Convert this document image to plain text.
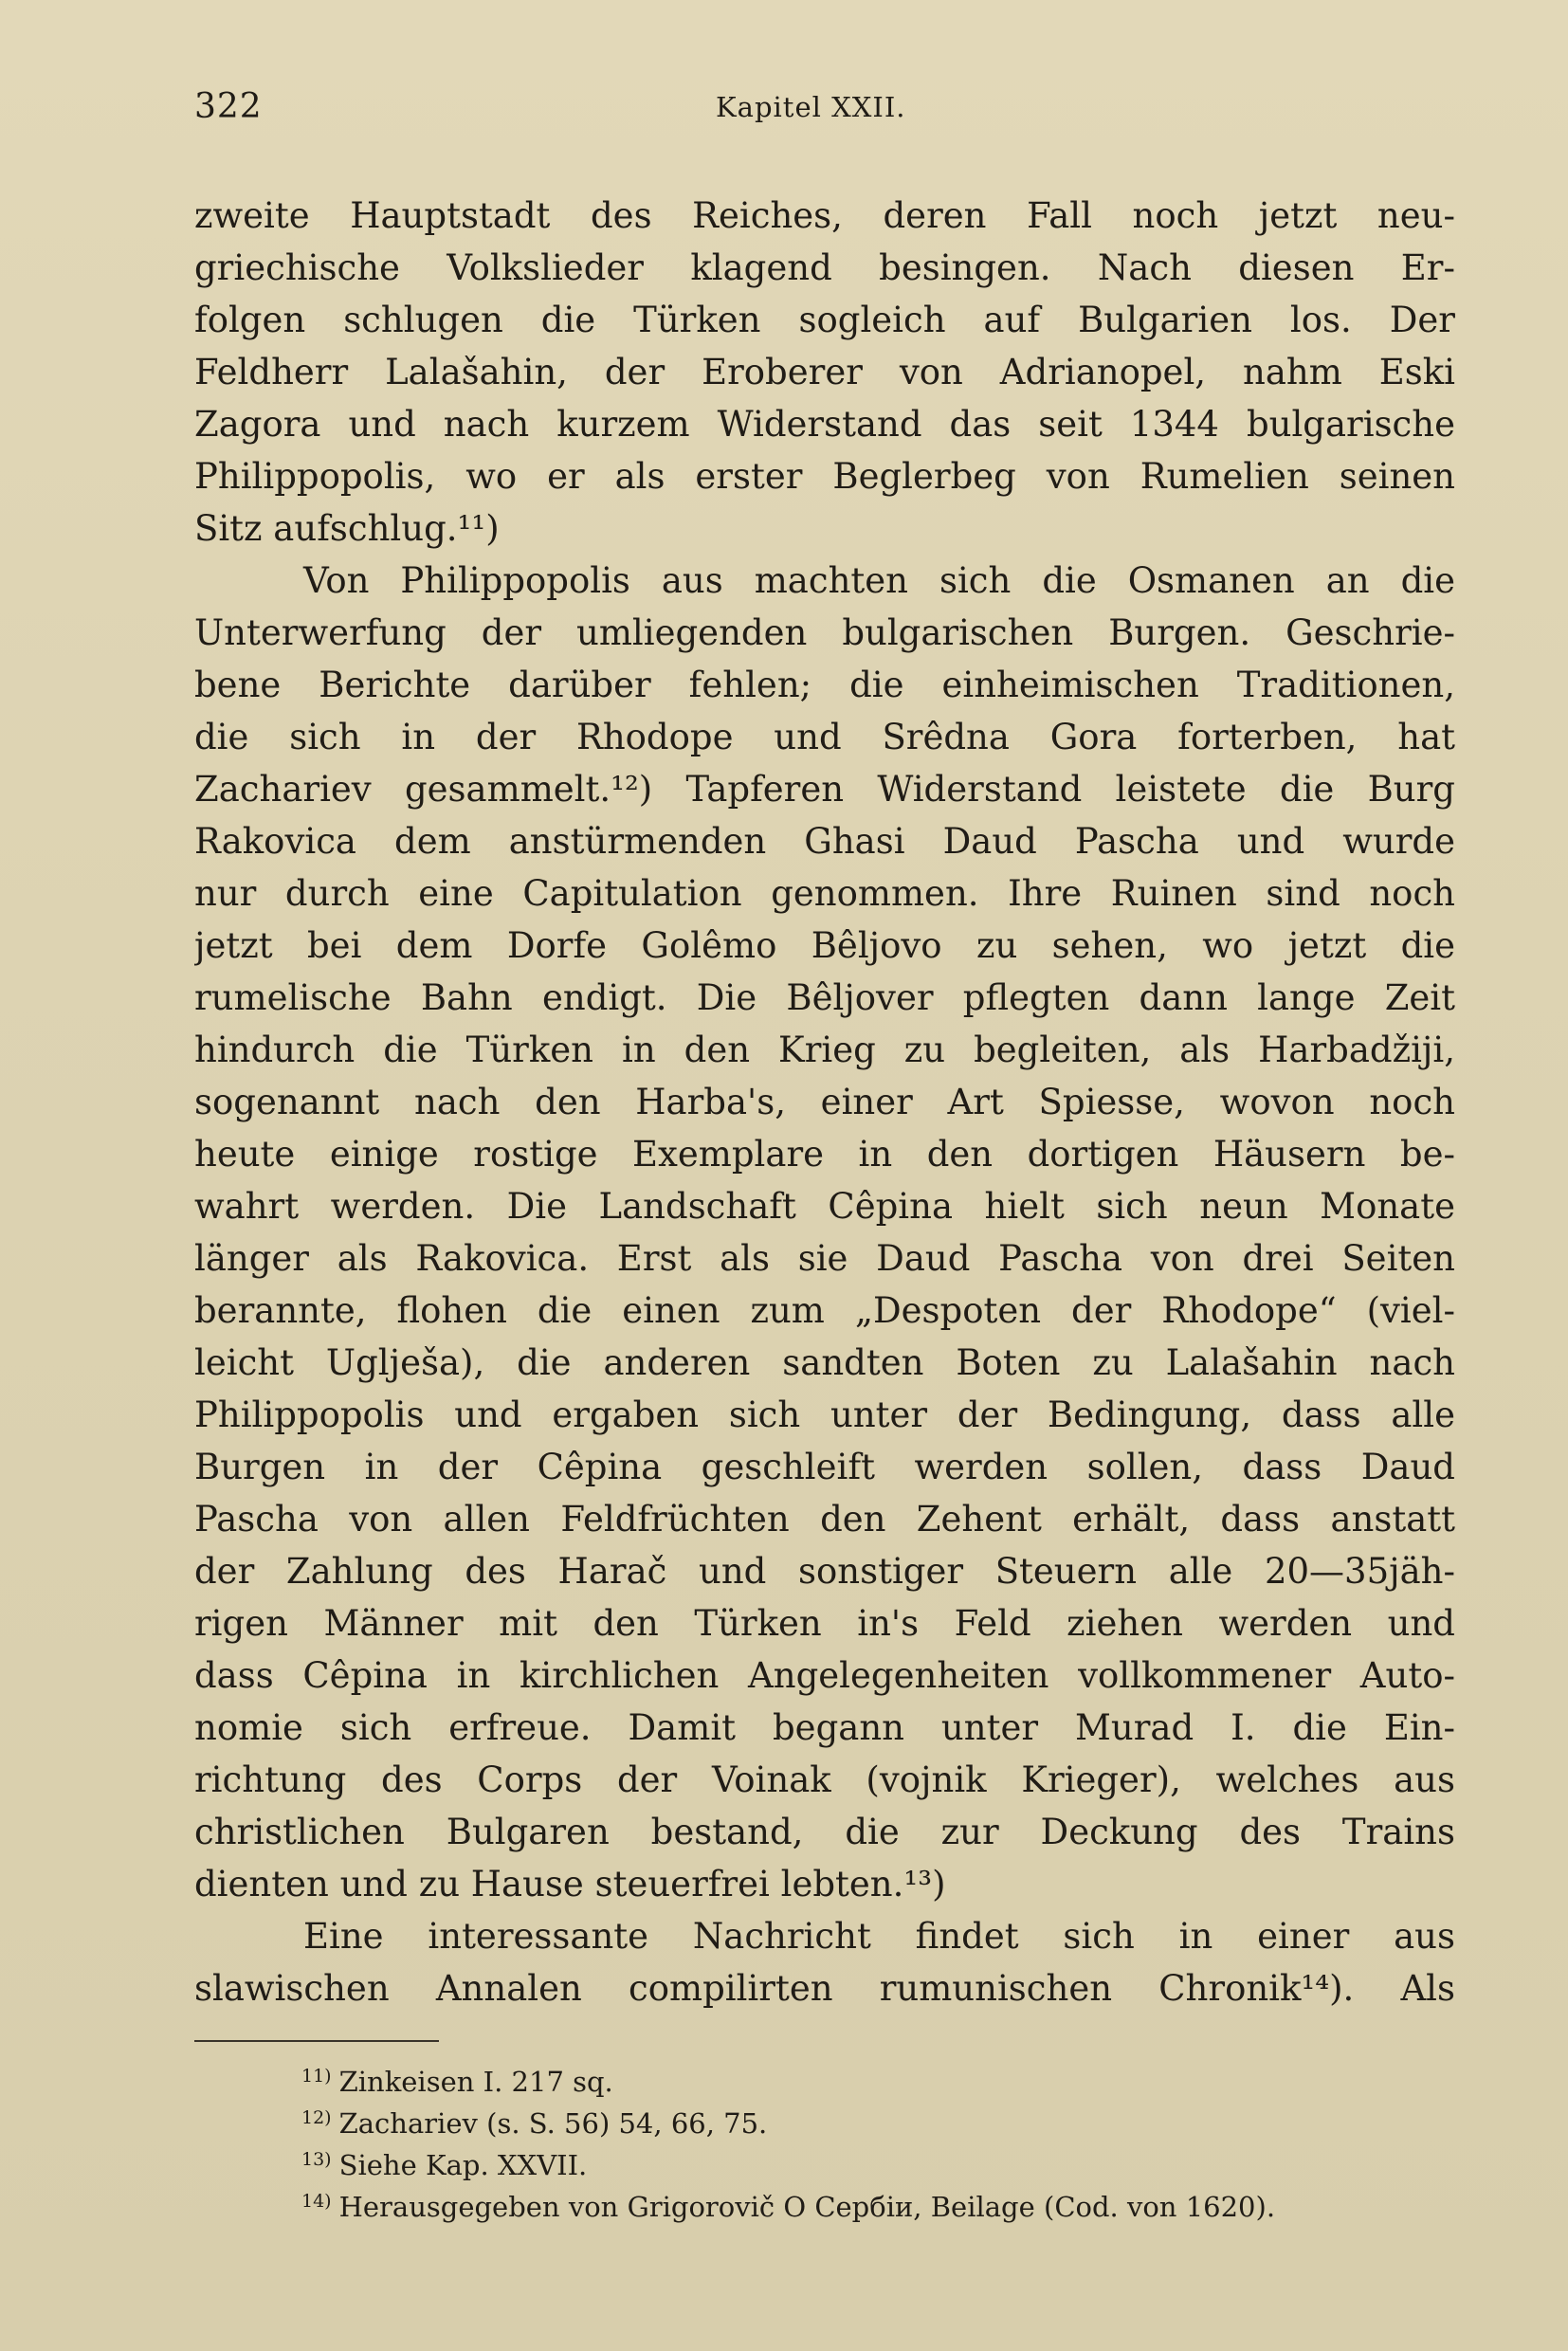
322	Kapitel XXII.
zweite Hauptstadt des Reiches, deren Fall noch jetzt neu-
griechische Volkslieder klagend besingen. Nach diesen Er-
folgen schlugen die Türken sogleich auf Bulgarien los. Der
Feldherr Lalašahin, der Eroberer von Adrianopel, nahm Eski
Zagora und nach kurzem Widerstand das seit 1344 bulgarische
Philippopolis, wo er als erster Beglerbeg von Rumelien seinen
Sitz aufschlug.¹¹)
Von Philippopolis aus machten sich die Osmanen an die
Unterwerfung der umliegenden bulgarischen Burgen. Geschrie-
bene Berichte darüber fehlen; die einheimischen Traditionen,
die sich in der Rhodope und Srêdna Gora forterben, hat
Zachariev gesammelt.¹²) Tapferen Widerstand leistete die Burg
Rakovica dem anstürmenden Ghasi Daud Pascha und wurde
nur durch eine Capitulation genommen. Ihre Ruinen sind noch
jetzt bei dem Dorfe Golêmo Bêljovo zu sehen, wo jetzt die
rumelische Bahn endigt. Die Bêljover pflegten dann lange Zeit
hindurch die Türken in den Krieg zu begleiten, als Harbadžiji,
sogenannt nach den Harba's, einer Art Spiesse, wovon noch
heute einige rostige Exemplare in den dortigen Häusern be-
wahrt werden. Die Landschaft Cêpina hielt sich neun Monate
länger als Rakovica. Erst als sie Daud Pascha von drei Seiten
berannte, flohen die einen zum „Despoten der Rhodope“ (viel-
leicht Uglješa), die anderen sandten Boten zu Lalašahin nach
Philippopolis und ergaben sich unter der Bedingung, dass alle
Burgen in der Cêpina geschleift werden sollen, dass Daud
Pascha von allen Feldfrüchten den Zehent erhält, dass anstatt
der Zahlung des Harač und sonstiger Steuern alle 20—35jäh-
rigen Männer mit den Türken in's Feld ziehen werden und
dass Cêpina in kirchlichen Angelegenheiten vollkommener Auto-
nomie sich erfreue. Damit begann unter Murad I. die Ein-
richtung des Corps der Voinak (vojnik Krieger), welches aus
christlichen Bulgaren bestand, die zur Deckung des Trains
dienten und zu Hause steuerfrei lebten.¹³)
Eine interessante Nachricht findet sich in einer aus
slawischen Annalen compilirten rumunischen Chronik¹⁴). Als
$^{11)}$ Zinkeisen I. 217 sq.
$^{12)}$ Zachariev (s. S. 56) 54, 66, 75.
$^{13)}$ Siehe Kap. XXVII.
$^{14)}$ Herausgegeben von Grigorovič O Сербіи, Beilage (Cod. von 1620).
